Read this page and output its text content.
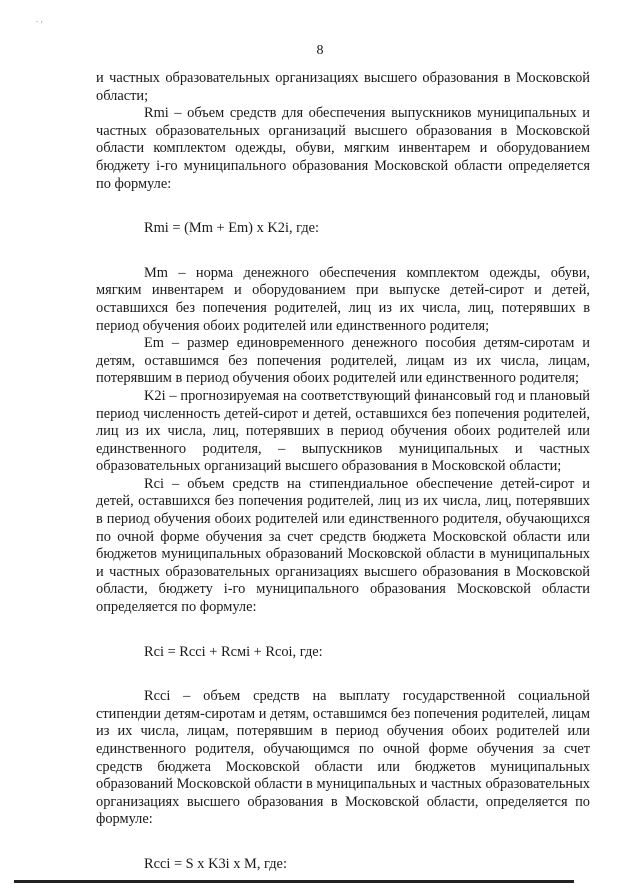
. ,
8

и частных образовательных организациях высшего образования в Московской области;

Rmi – объем средств для обеспечения выпускников муниципальных и частных образовательных организаций высшего образования в Московской области комплектом одежды, обуви, мягким инвентарем и оборудованием бюджету i-го муниципального образования Московской области определяется по формуле:

Rmi = (Mm + Em) x K2i, где:

Mm – норма денежного обеспечения комплектом одежды, обуви, мягким инвентарем и оборудованием при выпуске детей-сирот и детей, оставшихся без попечения родителей, лиц из их числа, лиц, потерявших в период обучения обоих родителей или единственного родителя;

Em – размер единовременного денежного пособия детям-сиротам и детям, оставшимся без попечения родителей, лицам из их числа, лицам, потерявшим в период обучения обоих родителей или единственного родителя;

K2i – прогнозируемая на соответствующий финансовый год и плановый период численность детей-сирот и детей, оставшихся без попечения родителей, лиц из их числа, лиц, потерявших в период обучения обоих родителей или единственного родителя, – выпускников муниципальных и частных образовательных организаций высшего образования в Московской области;

Rci – объем средств на стипендиальное обеспечение детей-сирот и детей, оставшихся без попечения родителей, лиц из их числа, лиц, потерявших в период обучения обоих родителей или единственного родителя, обучающихся по очной форме обучения за счет средств бюджета Московской области или бюджетов муниципальных образований Московской области в муниципальных и частных образовательных организациях высшего образования в Московской области, бюджету i-го муниципального образования Московской области определяется по формуле:

Rci = Rcci + Rcмi + Rcoi, где:

Rcci – объем средств на выплату государственной социальной стипендии детям-сиротам и детям, оставшимся без попечения родителей, лицам из их числа, лицам, потерявшим в период обучения обоих родителей или единственного родителя, обучающимся по очной форме обучения за счет средств бюджета Московской области или бюджетов муниципальных образований Московской области в муниципальных и частных образовательных организациях высшего образования в Московской области, определяется по формуле:

Rcci = S x K3i x M, где:
